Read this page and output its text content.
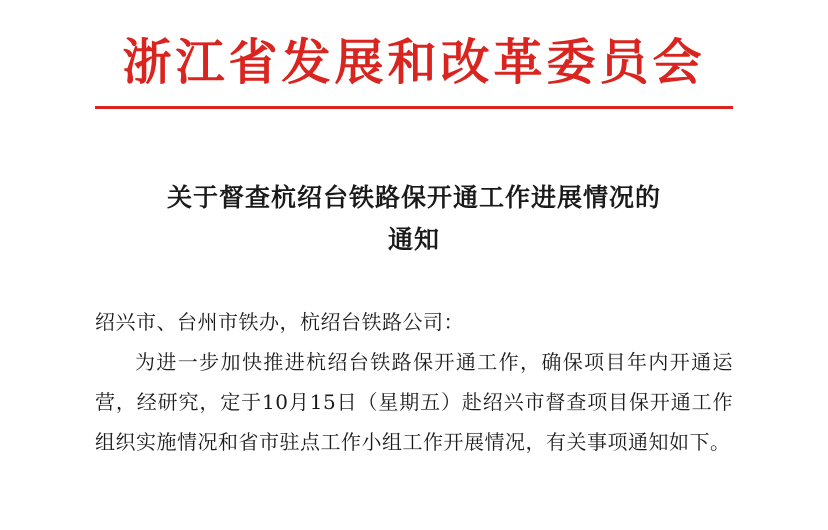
浙江省发展和改革委员会
关于督查杭绍台铁路保开通工作进展情况的
通知

绍兴市、台州市铁办，杭绍台铁路公司：

为进一步加快推进杭绍台铁路保开通工作，确保项目年内开通运营，经研究，定于10月15日（星期五）赴绍兴市督查项目保开通工作组织实施情况和省市驻点工作小组工作开展情况，有关事项通知如下。
